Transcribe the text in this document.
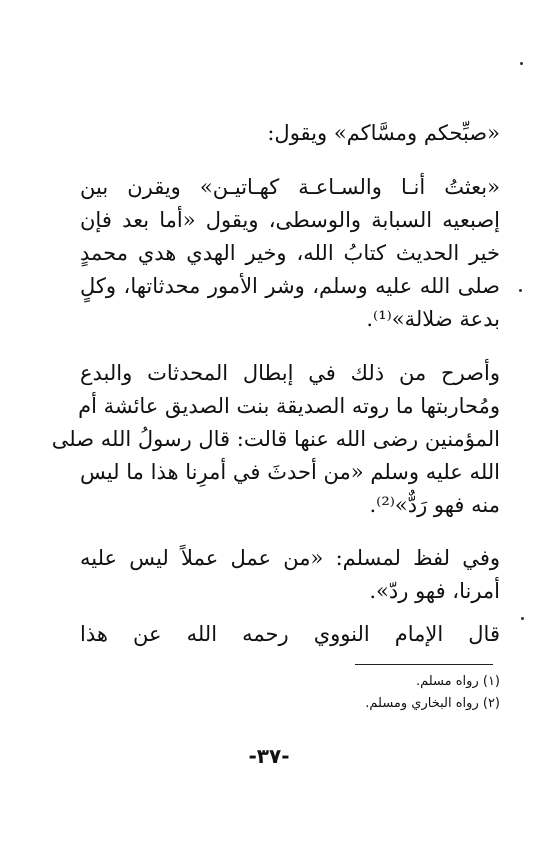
«صبِّحكم ومسَّاكم» ويقول:
«بعثتُ أنـا والسـاعـة كهـاتيـن» ويقرن بين
إصبعيه السبابة والوسطى، ويقول «أما بعد فإن
خير الحديث كتابُ الله، وخير الهدي هدي محمدٍ
صلى الله عليه وسلم، وشر الأمور محدثاتها، وكلٍ
بدعة ضلالة»⁽¹⁾.
وأصرح من ذلك في إبطال المحدثات والبدع
ومُحاربتها ما روته الصديقة بنت الصديق عائشة أم
المؤمنين رضى الله عنها قالت: قال رسولُ الله صلى
الله عليه وسلم «من أحدثَ في أمرِنا هذا ما ليس
منه فهو رَدٌّ»⁽²⁾.
وفي لفظ لمسلم: «من عمل عملاً ليس عليه
أمرنا، فهو ردّ».
قال الإمام النووي رحمه الله عن هذا
(١) رواه مسلم.
(٢) رواه البخاري ومسلم.
-٣٧-
